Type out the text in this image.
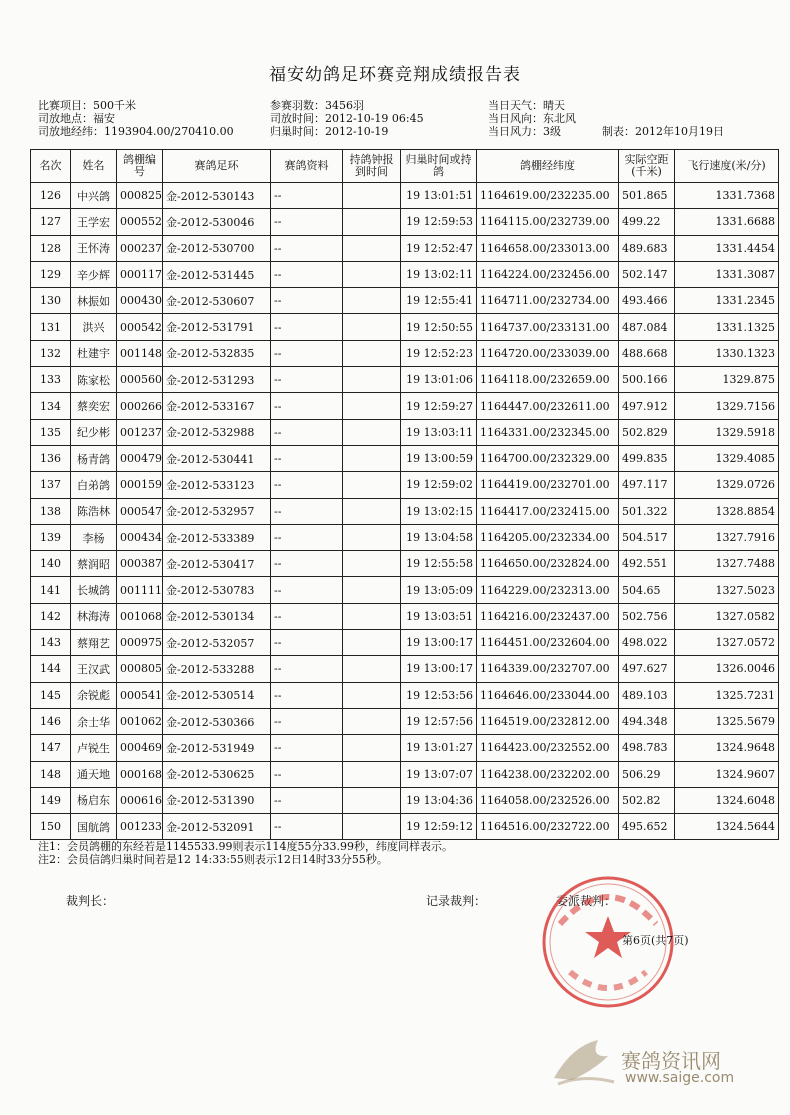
福安幼鸽足环赛竞翔成绩报告表
比赛项目：500千米
司放地点：福安
司放地经纬：1193904.00/270410.00
参赛羽数：3456羽
司放时间：2012-10-19 06:45
归巢时间：2012-10-19
当日天气：晴天
当日风向：东北风
当日风力：3级	制表：2012年10月19日
名次	姓名	鸽棚编号	赛鸽足环	赛鸽资料	持鸽钟报到时间	归巢时间或持鸽	鸽棚经纬度	实际空距(千米)	飞行速度(米/分)
126	中兴鸽	000825	金-2012-530143	--		19 13:01:51	1164619.00/232235.00	501.865	1331.7368
127	王学宏	000552	金-2012-530046	--		19 12:59:53	1164115.00/232739.00	499.22	1331.6688
128	王怀涛	000237	金-2012-530700	--		19 12:52:47	1164658.00/233013.00	489.683	1331.4454
129	辛少辉	000117	金-2012-531445	--		19 13:02:11	1164224.00/232456.00	502.147	1331.3087
130	林振如	000430	金-2012-530607	--		19 12:55:41	1164711.00/232734.00	493.466	1331.2345
131	洪兴	000542	金-2012-531791	--		19 12:50:55	1164737.00/233131.00	487.084	1331.1325
132	杜建宇	001148	金-2012-532835	--		19 12:52:23	1164720.00/233039.00	488.668	1330.1323
133	陈家松	000560	金-2012-531293	--		19 13:01:06	1164118.00/232659.00	500.166	1329.875
134	蔡奕宏	000266	金-2012-533167	--		19 12:59:27	1164447.00/232611.00	497.912	1329.7156
135	纪少彬	001237	金-2012-532988	--		19 13:03:11	1164331.00/232345.00	502.829	1329.5918
136	杨青鸽	000479	金-2012-530441	--		19 13:00:59	1164700.00/232329.00	499.835	1329.4085
137	白弟鸽	000159	金-2012-533123	--		19 12:59:02	1164419.00/232701.00	497.117	1329.0726
138	陈浩林	000547	金-2012-532957	--		19 13:02:15	1164417.00/232415.00	501.322	1328.8854
139	李杨	000434	金-2012-533389	--		19 13:04:58	1164205.00/232334.00	504.517	1327.7916
140	蔡润昭	000387	金-2012-530417	--		19 12:55:58	1164650.00/232824.00	492.551	1327.7488
141	长城鸽	001111	金-2012-530783	--		19 13:05:09	1164229.00/232313.00	504.65	1327.5023
142	林海涛	001068	金-2012-530134	--		19 13:03:51	1164216.00/232437.00	502.756	1327.0582
143	蔡翔艺	000975	金-2012-532057	--		19 13:00:17	1164451.00/232604.00	498.022	1327.0572
144	王汉武	000805	金-2012-533288	--		19 13:00:17	1164339.00/232707.00	497.627	1326.0046
145	余锐彪	000541	金-2012-530514	--		19 12:53:56	1164646.00/233044.00	489.103	1325.7231
146	余士华	001062	金-2012-530366	--		19 12:57:56	1164519.00/232812.00	494.348	1325.5679
147	卢锐生	000469	金-2012-531949	--		19 13:01:27	1164423.00/232552.00	498.783	1324.9648
148	通天地	000168	金-2012-530625	--		19 13:07:07	1164238.00/232202.00	506.29	1324.9607
149	杨启东	000616	金-2012-531390	--		19 13:04:36	1164058.00/232526.00	502.82	1324.6048
150	国航鸽	001233	金-2012-532091	--		19 12:59:12	1164516.00/232722.00	495.652	1324.5644
注1：会员鸽棚的东经若是1145533.99则表示114度55分33.99秒，纬度同样表示。
注2：会员信鸽归巢时间若是12 14:33:55则表示12日14时33分55秒。
裁判长：	记录裁判：	委派裁判：
第6页(共7页)
赛鸽资讯网
www.saige.com
